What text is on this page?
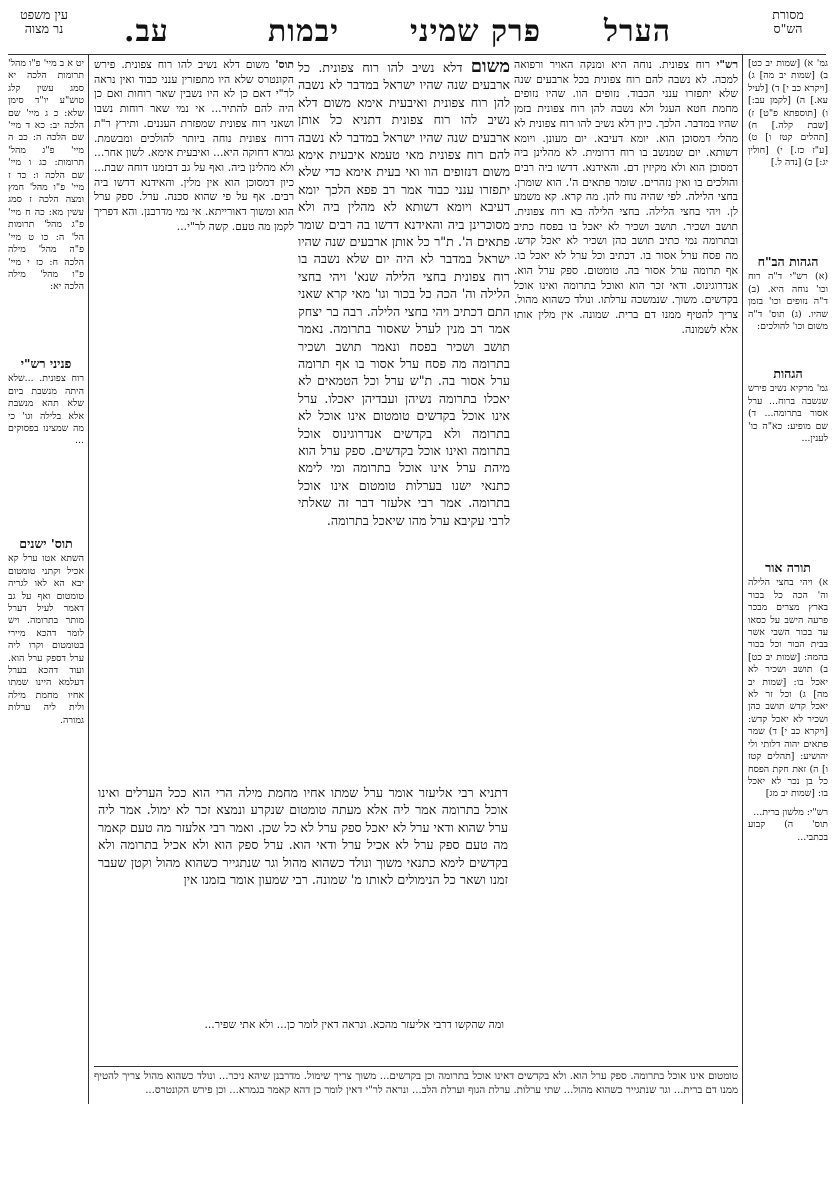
עין משפט
נר מצוה	עב.	יבמות פרק שמיני הערל	מסורת
הש"ס

יט א ב מיי' פ"ו מהל' תרומות הלכה יא סמג עשין קלג טוש"ע יו"ד סימן שלא: כ ג מיי' שם הלכה יב: כא ד מיי' שם הלכה ה: כב ה מיי' פ"ג מהל' תרומות: כג ו מיי' שם הלכה ו: כד ז מיי' פ"ו מהל' חמץ ומצה הלכה ז סמג עשין מא: כה ח מיי' פ"ג מהל' תרומות הל' ה: כו ט מיי' פ"ה מהל' מילה הלכה ח: כז י מיי' פ"ו מהל' מילה הלכה יא:

פניני רש"י

רוח צפונית. ...שלא היתה מנשבת ביום שלא תהא מנשבת אלא בלילה וגו' כי מה שמצינו בפסוקים ...

תוס' ישנים

השתא אטו ערל קא אכיל וקתני טומטום יבא הא לאו לגריה טומטום ואף על גב דאמר לעיל דערל מותר בתרומה. ויש לומר דהכא מיירי בטומטום וקרו ליה ערל דספק ערל הוא. ועוד דהכא בערל דעלמא היינו שמתו אחיו מחמת מילה ולית ליה ערלות גמורה.

תוס' משום דלא נשיב להו רוח צפונית. פירש הקונטרס שלא היו מתפזרין ענני כבוד ואין נראה לר"י דאם כן לא היו נשבין שאר רוחות ואם כן היה להם להתיר... אי נמי שאר רוחות נשבו ושאני רוח צפונית שמפזרת העננים. ותירץ ר"ת דרוח צפונית נוחה ביותר להולכים ומבשמת. גמרא דחוקה היא... ואיבעית אימא. לשון אחר... ולא מהלינן ביה. ואף על גב דבזמנו דוחה שבת... כיון דמסוכן הוא אין מלין. והאידנא דדשו ביה רבים. אף על פי שהוא סכנה. ערל. ספק ערל הוא ומשוך דאורייתא. אי נמי מדרבנן. והא דפריך לקמן מה טעם. קשה לר"י...
משום דלא נשיב להו רוח צפונית. כל ארבעים שנה שהיו ישראל במדבר לא נשבה להן רוח צפונית ואיבעית אימא משום דלא נשיב להו רוח צפונית דתניא כל אותן ארבעים שנה שהיו ישראל במדבר לא נשבה להם רוח צפונית מאי טעמא איבעית אימא משום דנזופים הוו ואי בעית אימא כדי שלא יתפזרו ענני כבוד אמר רב פפא הלכך יומא דעיבא ויומא דשותא לא מהלין ביה ולא מסוכרינן ביה והאידנא דדשו בה רבים שומר פתאים ה'. ת"ר כל אותן ארבעים שנה שהיו ישראל במדבר לא היה יום שלא נשבה בו רוח צפונית בחצי הלילה שנא' ויהי בחצי הלילה וה' הכה כל בכור וגו' מאי קרא שאני התם דכתיב ויהי בחצי הלילה. רבה בר יצחק אמר רב מנין לערל שאסור בתרומה. נאמר תושב ושכיר בפסח ונאמר תושב ושכיר בתרומה מה פסח ערל אסור בו אף תרומה ערל אסור בה. ת"ש ערל וכל הטמאים לא יאכלו בתרומה נשיהן ועבדיהן יאכלו. ערל אינו אוכל בקדשים טומטום אינו אוכל לא בתרומה ולא בקדשים אנדרוגינוס אוכל בתרומה ואינו אוכל בקדשים. ספק ערל הוא מיהת ערל אינו אוכל בתרומה ומי לימא כתנאי ישנו בערלות טומטום אינו אוכל בתרומה. אמר רבי אלעזר דבר זה שאלתי לרבי עקיבא ערל מהו שיאכל בתרומה.
רש"י רוח צפונית. נוחה היא ומנקה האויר ורפואה למכה. לא נשבה להם רוח צפונית בכל ארבעים שנה שלא יתפזרו ענני הכבוד. נזופים הוו. שהיו נזופים מחמת חטא העגל ולא נשבה להן רוח צפונית בזמן שהיו במדבר. הלכך. כיון דלא נשיב להו רוח צפונית לא מהלי דמסוכן הוא. יומא דעיבא. יום מעונן. ויומא דשותא. יום שמנשב בו רוח דרומית. לא מהלינן ביה דמסוכן הוא ולא מקיזין דם. והאידנא. דדשו ביה רבים והולכים בו ואין נזהרים. שומר פתאים ה'. הוא שומרן. בחצי הלילה. לפי שהיה נוח להן. מה קרא. קא משמע לן. ויהי בחצי הלילה. בחצי הלילה בא רוח צפונית. תושב ושכיר. תושב ושכיר לא יאכל בו בפסח כתיב ובתרומה נמי כתיב תושב כהן ושכיר לא יאכל קדש. מה פסח ערל אסור בו. דכתיב וכל ערל לא יאכל בו. אף תרומה ערל אסור בה. טומטום. ספק ערל הוא. אנדרוגינוס. ודאי זכר הוא ואוכל בתרומה ואינו אוכל בקדשים. משוך. שנמשכה ערלתו. ונולד כשהוא מהול. צריך להטיף ממנו דם ברית. שמונה. אין מלין אותו אלא לשמונה.
דתניא רבי אליעזר אומר ערל שמתו אחיו מחמת מילה הרי הוא ככל הערלים ואינו אוכל בתרומה אמר ליה אלא מעתה טומטום שנקרע ונמצא זכר לא ימול. אמר ליה ערל שהוא ודאי ערל לא יאכל ספק ערל לא כל שכן. ואמר רבי אלעזר מה טעם קאמר מה טעם ספק ערל לא אכיל ערל ודאי הוא. ערל ספק הוא ולא אכיל בתרומה ולא בקדשים לימא כתנאי משוך ונולד כשהוא מהול וגר שנתגייר כשהוא מהול וקטן שעבר זמנו ושאר כל הנימולים לאותו מ' שמונה. רבי שמעון אומר בזמנו אין
ומה שהקשו דרבי אליעזר מהכא. ונראה דאין לומר כן... ולא אתי שפיר...

גמ' א) [שמות יב כט] ב) [שמות יב מה] ג) [ויקרא כב י] ד) [לעיל עא.] ה) [לקמן עב:] ו) [תוספתא פ"ט] ז) [שבת קלה.] ח) [תהלים קטז ו] ט) [ע"ז כז.] י) [חולין יג:] כ) [נדה ל.]

הגהות הב"ח

(א) רש"י ד"ה רוח וכו' נוחה היא. (ב) ד"ה נזופים וכו' בזמן שהיו. (ג) תוס' ד"ה משום וכו' להולכים:

הגהות

גמ' מרקיא נשיב פירש שנשבה ברוח... ערל אסור בתרומה... ד) שם מופיע: כא"ה כו' לענין...

תורה אור

א) ויהי בחצי הלילה וה' הכה כל בכור בארץ מצרים מבכר פרעה הישב על כסאו עד בכור השבי אשר בבית הבור וכל בכור בהמה: [שמות יב כט] ב) תושב ושכיר לא יאכל בו: [שמות יב מה] ג) וכל זר לא יאכל קדש תושב כהן ושכיר לא יאכל קדש: [ויקרא כב י] ד) שמר פתאים יהוה דלותי ולי יהושיע: [תהלים קטז ו] ה) זאת חקת הפסח כל בן נכר לא יאכל בו: [שמות יב מג]

רש"י: מלשון ברית...

תוס' ה) קבוע בכתבי...

טומטום אינו אוכל בתרומה. ספק ערל הוא. ולא בקדשים דאינו אוכל בתרומה וכן בקדשים... משוך צריך שימול. מדרבנן שיהא ניכר... ונולד כשהוא מהול צריך להטיף ממנו דם ברית... וגר שנתגייר כשהוא מהול... שתי ערלות. ערלת הגוף וערלת הלב... ונראה לר"י דאין לומר כן דהא קאמר בגמרא... וכן פירש הקונטרס...
